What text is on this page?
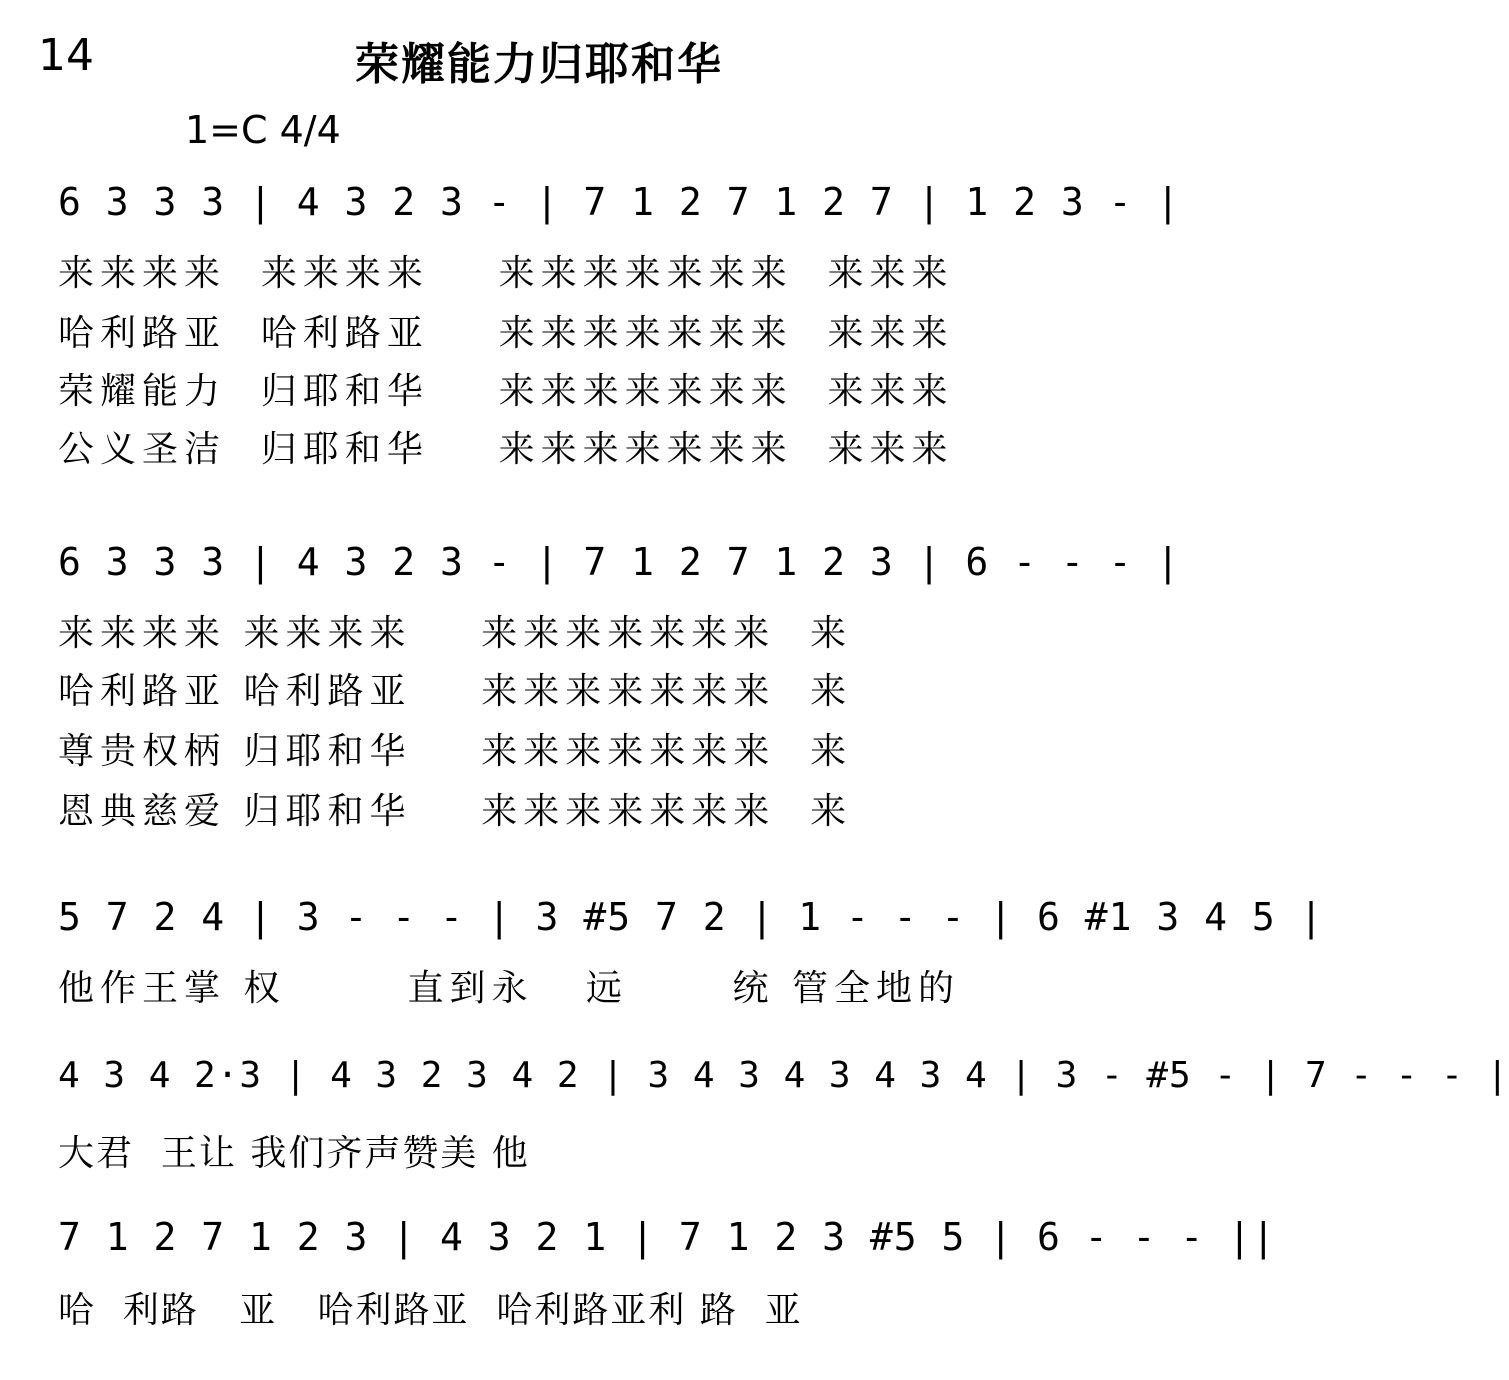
14	荣耀能力归耶和华
1=C 4/4
6 3 3 3 | 4 3 2 3 - | 7 1 2 7 1 2 7 | 1 2 3 - |
来来来来  来来来来    来来来来来来来  来来来
哈利路亚  哈利路亚    来来来来来来来  来来来
荣耀能力  归耶和华    来来来来来来来  来来来
公义圣洁  归耶和华    来来来来来来来  来来来
6 3 3 3 | 4 3 2 3 - | 7 1 2 7 1 2 3 | 6 - - - |
来来来来 来来来来    来来来来来来来  来
哈利路亚 哈利路亚    来来来来来来来  来
尊贵权柄 归耶和华    来来来来来来来  来
恩典慈爱 归耶和华    来来来来来来来  来
5 7 2 4 | 3 - - - | 3 #5 7 2 | 1 - - - | 6 #1 3 4 5 |
他作王掌 权       直到永   远      统 管全地的
4 3 4 2·3 | 4 3 2 3 4 2 | 3 4 3 4 3 4 3 4 | 3 - #5 - | 7 - - - |
大君  王让 我们齐声赞美 他
7 1 2 7 1 2 3 | 4 3 2 1 | 7 1 2 3 #5 5 | 6 - - - ||
哈  利路   亚   哈利路亚  哈利路亚利 路  亚
